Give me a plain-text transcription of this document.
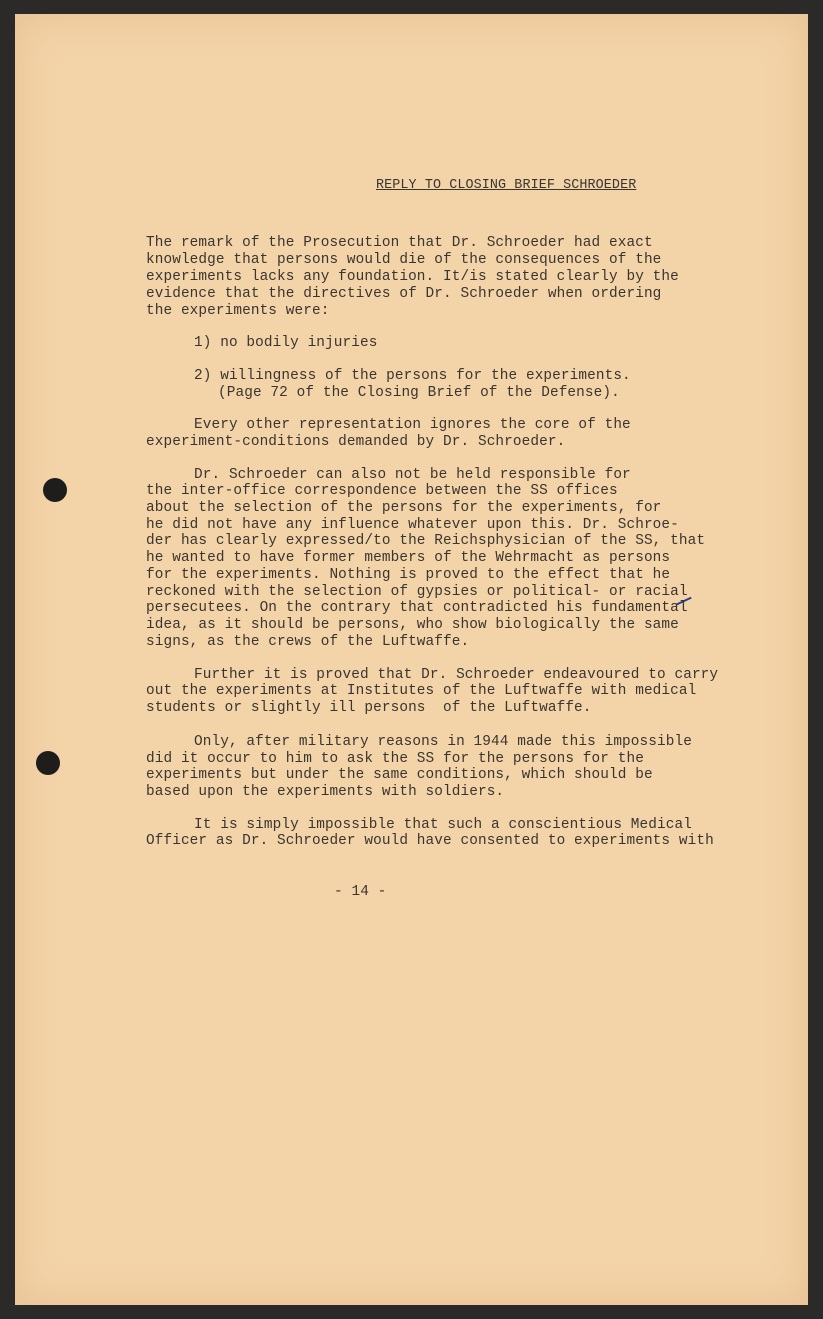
REPLY TO CLOSING BRIEF SCHROEDER
The remark of the Prosecution that Dr. Schroeder had exact
knowledge that persons would die of the consequences of the
experiments lacks any foundation. It/is stated clearly by the
evidence that the directives of Dr. Schroeder when ordering
the experiments were:
1) no bodily injuries
2) willingness of the persons for the experiments.
(Page 72 of the Closing Brief of the Defense).
Every other representation ignores the core of the
experiment-conditions demanded by Dr. Schroeder.
Dr. Schroeder can also not be held responsible for
the inter-office correspondence between the SS offices
about the selection of the persons for the experiments, for
he did not have any influence whatever upon this. Dr. Schroe-
der has clearly expressed/to the Reichsphysician of the SS, that
he wanted to have former members of the Wehrmacht as persons
for the experiments. Nothing is proved to the effect that he
reckoned with the selection of gypsies or political- or racial
persecutees. On the contrary that contradicted his fundamental
idea, as it should be persons, who show biologically the same
signs, as the crews of the Luftwaffe.
Further it is proved that Dr. Schroeder endeavoured to carry
out the experiments at Institutes of the Luftwaffe with medical
students or slightly ill persons  of the Luftwaffe.
Only, after military reasons in 1944 made this impossible
did it occur to him to ask the SS for the persons for the
experiments but under the same conditions, which should be
based upon the experiments with soldiers.
It is simply impossible that such a conscientious Medical
Officer as Dr. Schroeder would have consented to experiments with
- 14 -
